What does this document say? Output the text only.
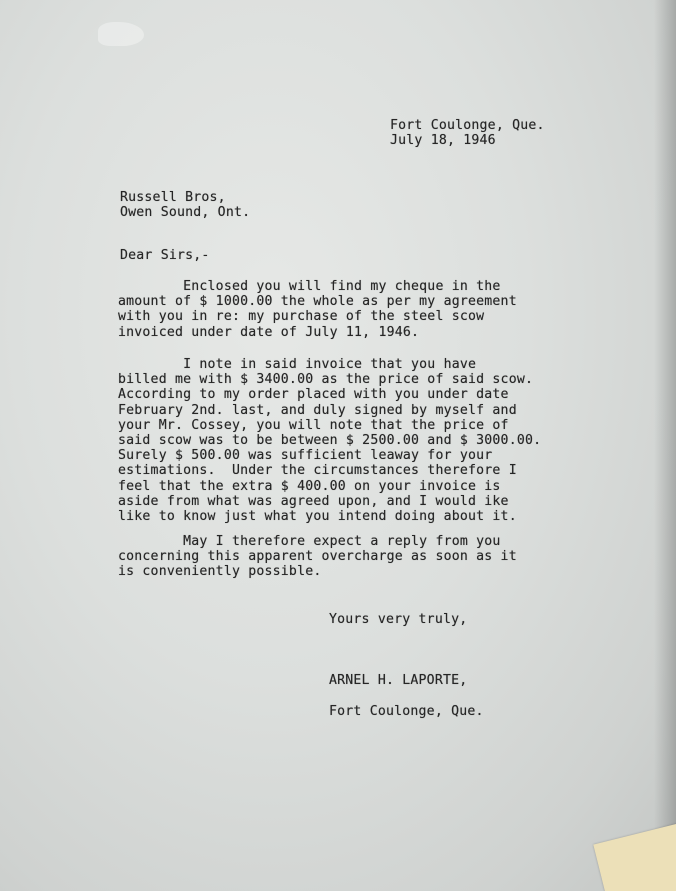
Fort Coulonge, Que.
July 18, 1946
Russell Bros,
Owen Sound, Ont.
Dear Sirs,-
Enclosed you will find my cheque in the
amount of $ 1000.00 the whole as per my agreement
with you in re: my purchase of the steel scow
invoiced under date of July 11, 1946.
I note in said invoice that you have
billed me with $ 3400.00 as the price of said scow.
According to my order placed with you under date
February 2nd. last, and duly signed by myself and
your Mr. Cossey, you will note that the price of
said scow was to be between $ 2500.00 and $ 3000.00.
Surely $ 500.00 was sufficient leaway for your
estimations.  Under the circumstances therefore I
feel that the extra $ 400.00 on your invoice is
aside from what was agreed upon, and I would ike
like to know just what you intend doing about it.
May I therefore expect a reply from you
concerning this apparent overcharge as soon as it
is conveniently possible.
Yours very truly,
ARNEL H. LAPORTE,
Fort Coulonge, Que.
